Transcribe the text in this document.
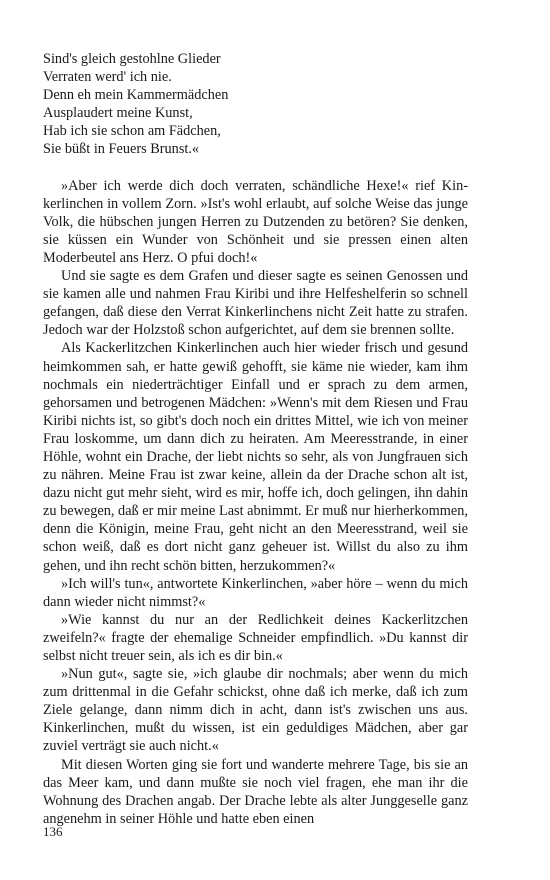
Sind's gleich gestohlne Glieder
Verraten werd' ich nie.
Denn eh mein Kammermädchen
Ausplaudert meine Kunst,
Hab ich sie schon am Fädchen,
Sie büßt in Feuers Brunst.«

»Aber ich werde dich doch verraten, schändliche Hexe!« rief Kinkerlinchen in vollem Zorn. »Ist's wohl erlaubt, auf solche Weise das junge Volk, die hübschen jungen Herren zu Dutzenden zu betören? Sie denken, sie küssen ein Wunder von Schönheit und sie pressen einen alten Moderbeutel ans Herz. O pfui doch!«

Und sie sagte es dem Grafen und dieser sagte es seinen Genossen und sie kamen alle und nahmen Frau Kiribi und ihre Helfeshelferin so schnell gefangen, daß diese den Verrat Kinkerlinchens nicht Zeit hatte zu strafen. Jedoch war der Holzstoß schon aufgerichtet, auf dem sie brennen sollte.

Als Kackerlitzchen Kinkerlinchen auch hier wieder frisch und gesund heimkommen sah, er hatte gewiß gehofft, sie käme nie wieder, kam ihm nochmals ein niederträchtiger Einfall und er sprach zu dem armen, gehorsamen und betrogenen Mädchen: »Wenn's mit dem Riesen und Frau Kiribi nichts ist, so gibt's doch noch ein drittes Mittel, wie ich von meiner Frau loskomme, um dann dich zu heiraten. Am Meeresstrande, in einer Höhle, wohnt ein Drache, der liebt nichts so sehr, als von Jungfrauen sich zu nähren. Meine Frau ist zwar keine, allein da der Drache schon alt ist, dazu nicht gut mehr sieht, wird es mir, hoffe ich, doch gelingen, ihn dahin zu bewegen, daß er mir meine Last abnimmt. Er muß nur hierherkommen, denn die Königin, meine Frau, geht nicht an den Meeresstrand, weil sie schon weiß, daß es dort nicht ganz geheuer ist. Willst du also zu ihm gehen, und ihn recht schön bitten, herzukommen?«

»Ich will's tun«, antwortete Kinkerlinchen, »aber höre – wenn du mich dann wieder nicht nimmst?«

»Wie kannst du nur an der Redlichkeit deines Kackerlitzchen zweifeln?« fragte der ehemalige Schneider empfindlich. »Du kannst dir selbst nicht treuer sein, als ich es dir bin.«

»Nun gut«, sagte sie, »ich glaube dir nochmals; aber wenn du mich zum drittenmal in die Gefahr schickst, ohne daß ich merke, daß ich zum Ziele gelange, dann nimm dich in acht, dann ist's zwischen uns aus. Kinkerlinchen, mußt du wissen, ist ein geduldiges Mädchen, aber gar zuviel verträgt sie auch nicht.«

Mit diesen Worten ging sie fort und wanderte mehrere Tage, bis sie an das Meer kam, und dann mußte sie noch viel fragen, ehe man ihr die Wohnung des Drachen angab. Der Drache lebte als alter Junggeselle ganz angenehm in seiner Höhle und hatte eben einen

136
